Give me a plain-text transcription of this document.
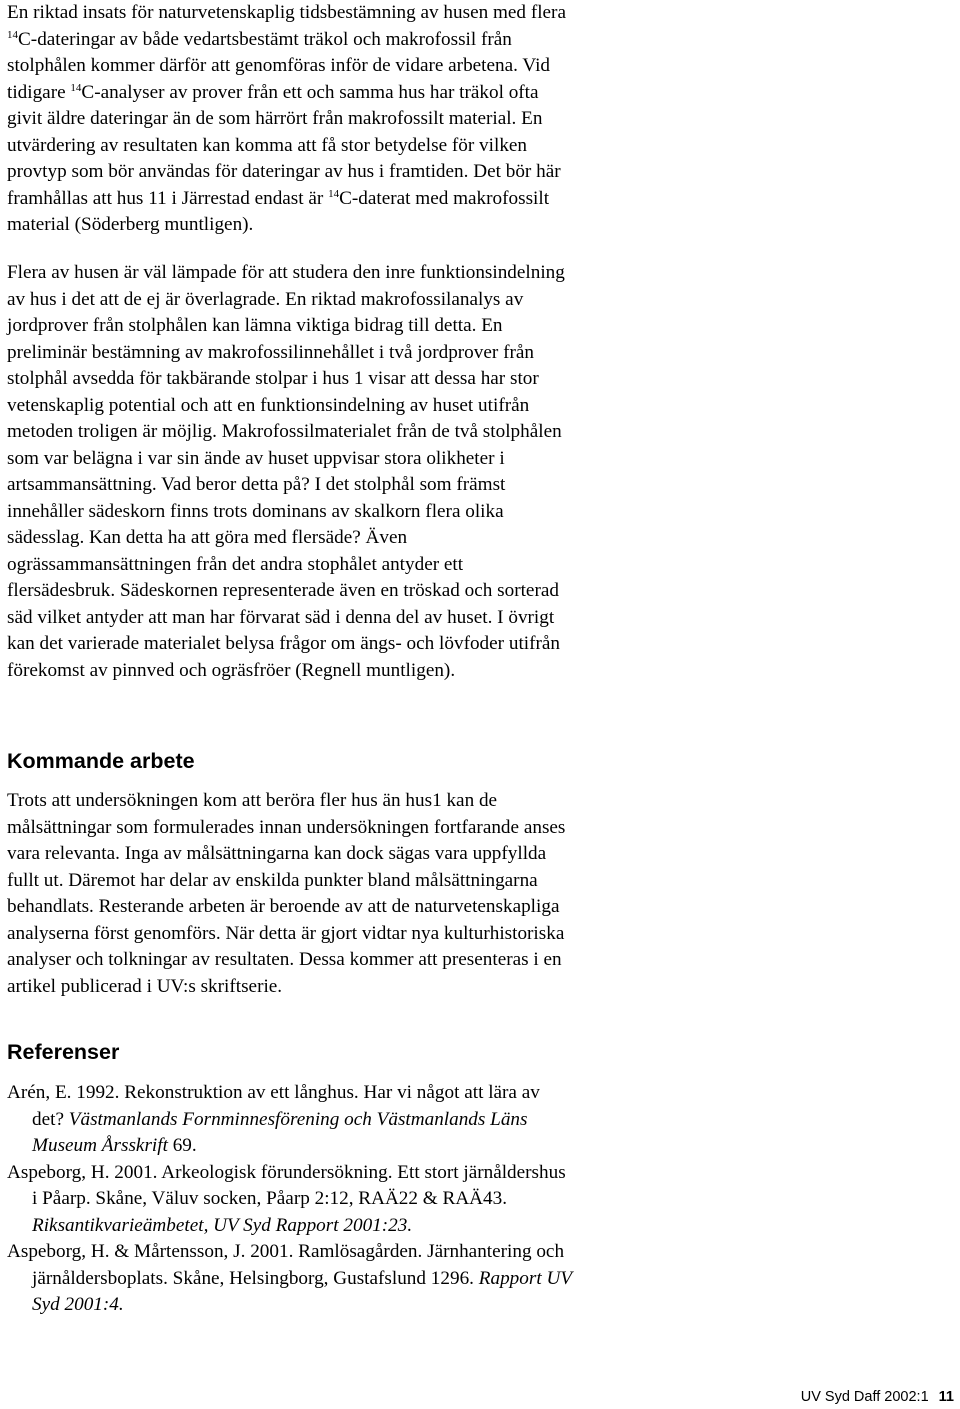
En riktad insats för naturvetenskaplig tidsbestämning av husen med flera
$^{14}$C-dateringar av både vedartsbestämt träkol och makrofossil från
stolphålen kommer därför att genomföras inför de vidare arbetena. Vid
tidigare $^{14}$C-analyser av prover från ett och samma hus har träkol ofta
givit äldre dateringar än de som härrört från makrofossilt material. En
utvärdering av resultaten kan komma att få stor betydelse för vilken
provtyp som bör användas för dateringar av hus i framtiden. Det bör här
framhållas att hus 11 i Järrestad endast är $^{14}$C-daterat med makrofossilt
material (Söderberg muntligen).
Flera av husen är väl lämpade för att studera den inre funktionsindelning
av hus i det att de ej är överlagrade. En riktad makrofossilanalys av
jordprover från stolphålen kan lämna viktiga bidrag till detta. En
preliminär bestämning av makrofossilinnehållet i två jordprover från
stolphål avsedda för takbärande stolpar i hus 1 visar att dessa har stor
vetenskaplig potential och att en funktionsindelning av huset utifrån
metoden troligen är möjlig. Makrofossilmaterialet från de två stolphålen
som var belägna i var sin ände av huset uppvisar stora olikheter i
artsammansättning. Vad beror detta på? I det stolphål som främst
innehåller sädeskorn finns trots dominans av skalkorn flera olika
sädesslag. Kan detta ha att göra med flersäde? Även
ogrässammansättningen från det andra stophålet antyder ett
flersädesbruk. Sädeskornen representerade även en tröskad och sorterad
säd vilket antyder att man har förvarat säd i denna del av huset. I övrigt
kan det varierade materialet belysa frågor om ängs- och lövfoder utifrån
förekomst av pinnved och ogräsfröer (Regnell muntligen).
Kommande arbete
Trots att undersökningen kom att beröra fler hus än hus1 kan de
målsättningar som formulerades innan undersökningen fortfarande anses
vara relevanta. Inga av målsättningarna kan dock sägas vara uppfyllda
fullt ut. Däremot har delar av enskilda punkter bland målsättningarna
behandlats. Resterande arbeten är beroende av att de naturvetenskapliga
analyserna först genomförs. När detta är gjort vidtar nya kulturhistoriska
analyser och tolkningar av resultaten. Dessa kommer att presenteras i en
artikel publicerad i UV:s skriftserie.
Referenser
Arén, E. 1992. Rekonstruktion av ett långhus. Har vi något att lära av
det? Västmanlands Fornminnesförening och Västmanlands Läns
Museum Årsskrift 69.
Aspeborg, H. 2001. Arkeologisk förundersökning. Ett stort järnåldershus
i Påarp. Skåne, Väluv socken, Påarp 2:12, RAÄ22 & RAÄ43.
Riksantikvarieämbetet, UV Syd Rapport 2001:23.
Aspeborg, H. & Mårtensson, J. 2001. Ramlösagården. Järnhantering och
järnåldersboplats. Skåne, Helsingborg, Gustafslund 1296. Rapport UV
Syd 2001:4.
UV Syd Daff 2002:1 11
